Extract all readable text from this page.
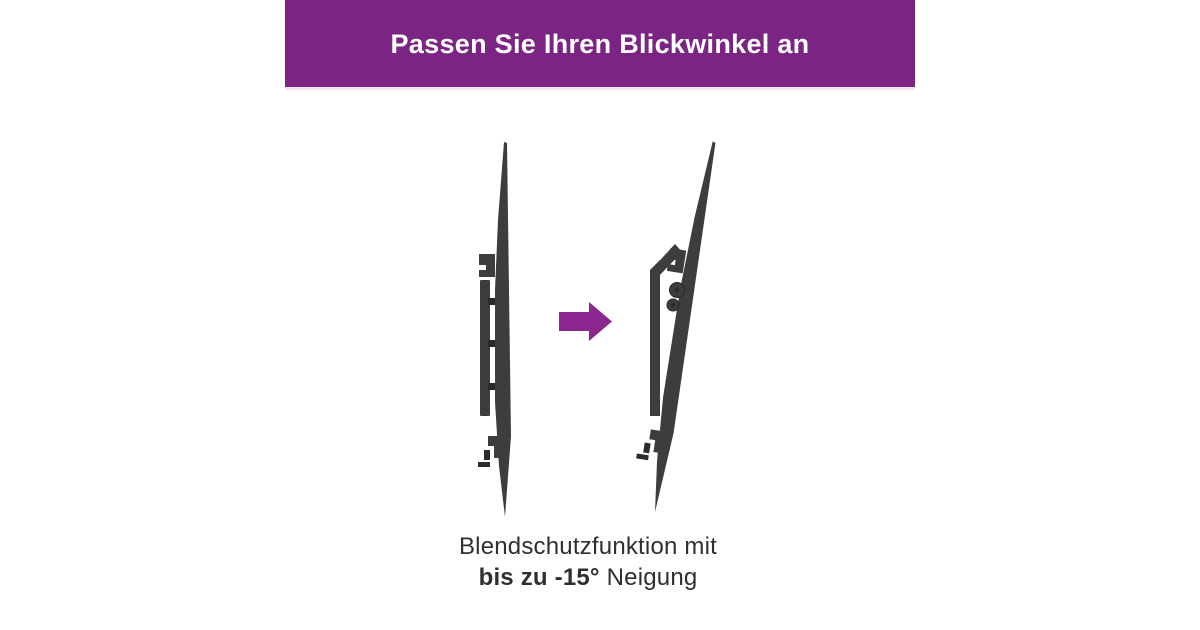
Passen Sie Ihren Blickwinkel an
Blendschutzfunktion mit
bis zu -15° Neigung
